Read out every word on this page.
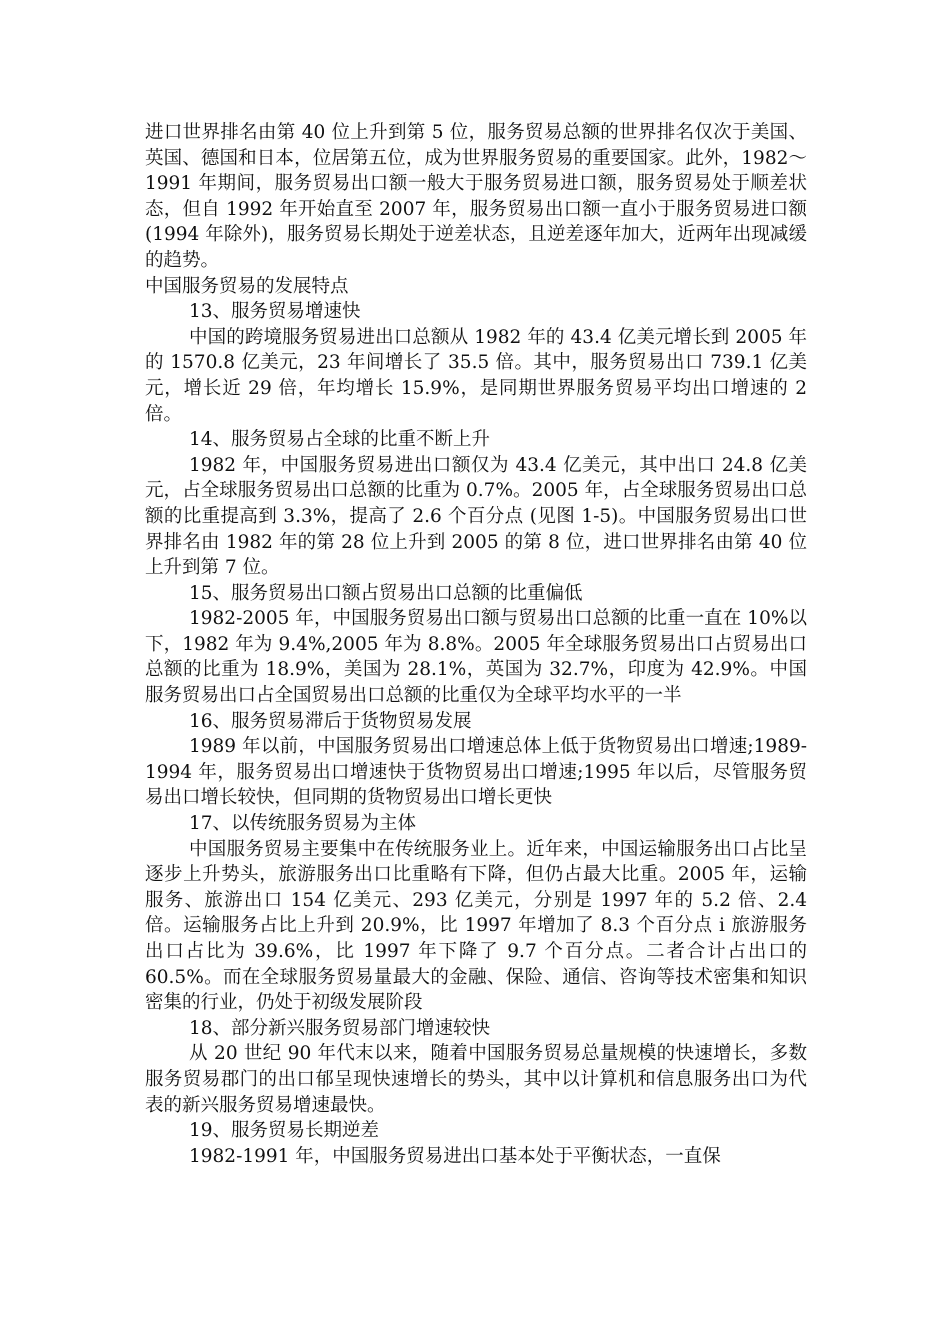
进口世界排名由第 40 位上升到第 5 位，服务贸易总额的世界排名仅次于美国、英国、德国和日本，位居第五位，成为世界服务贸易的重要国家。此外，1982～1991 年期间，服务贸易出口额一般大于服务贸易进口额，服务贸易处于顺差状态，但自 1992 年开始直至 2007 年，服务贸易出口额一直小于服务贸易进口额(1994 年除外)，服务贸易长期处于逆差状态，且逆差逐年加大，近两年出现减缓的趋势。

中国服务贸易的发展特点

13、服务贸易增速快

中国的跨境服务贸易进出口总额从 1982 年的 43.4 亿美元增长到 2005 年的 1570.8 亿美元，23 年间增长了 35.5 倍。其中，服务贸易出口 739.1 亿美元，增长近 29 倍，年均增长 15.9%，是同期世界服务贸易平均出口增速的 2 倍。

14、服务贸易占全球的比重不断上升

1982 年，中国服务贸易进出口额仅为 43.4 亿美元，其中出口 24.8 亿美元，占全球服务贸易出口总额的比重为 0.7%。2005 年，占全球服务贸易出口总额的比重提高到 3.3%，提高了 2.6 个百分点 (见图 1-5)。中国服务贸易出口世界排名由 1982 年的第 28 位上升到 2005 的第 8 位，进口世界排名由第 40 位上升到第 7 位。

15、服务贸易出口额占贸易出口总额的比重偏低

1982-2005 年，中国服务贸易出口额与贸易出口总额的比重一直在 10%以下，1982 年为 9.4%,2005 年为 8.8%。2005 年全球服务贸易出口占贸易出口总额的比重为 18.9%，美国为 28.1%，英国为 32.7%，印度为 42.9%。中国服务贸易出口占全国贸易出口总额的比重仅为全球平均水平的一半

16、服务贸易滞后于货物贸易发展

1989 年以前，中国服务贸易出口增速总体上低于货物贸易出口增速;1989-1994 年，服务贸易出口增速快于货物贸易出口增速;1995 年以后，尽管服务贸易出口增长较快，但同期的货物贸易出口增长更快

17、以传统服务贸易为主体

中国服务贸易主要集中在传统服务业上。近年来，中国运输服务出口占比呈逐步上升势头，旅游服务出口比重略有下降，但仍占最大比重。2005 年，运输服务、旅游出口 154 亿美元、293 亿美元，分别是 1997 年的 5.2 倍、2.4 倍。运输服务占比上升到 20.9%，比 1997 年增加了 8.3 个百分点 i 旅游服务出口占比为 39.6%，比 1997 年下降了 9.7 个百分点。二者合计占出口的 60.5%。而在全球服务贸易量最大的金融、保险、通信、咨询等技术密集和知识密集的行业，仍处于初级发展阶段

18、部分新兴服务贸易部门增速较快

从 20 世纪 90 年代末以来，随着中国服务贸易总量规模的快速增长，多数服务贸易郡门的出口郁呈现快速增长的势头，其中以计算机和信息服务出口为代表的新兴服务贸易增速最快。

19、服务贸易长期逆差

1982-1991 年，中国服务贸易进出口基本处于平衡状态，一直保
